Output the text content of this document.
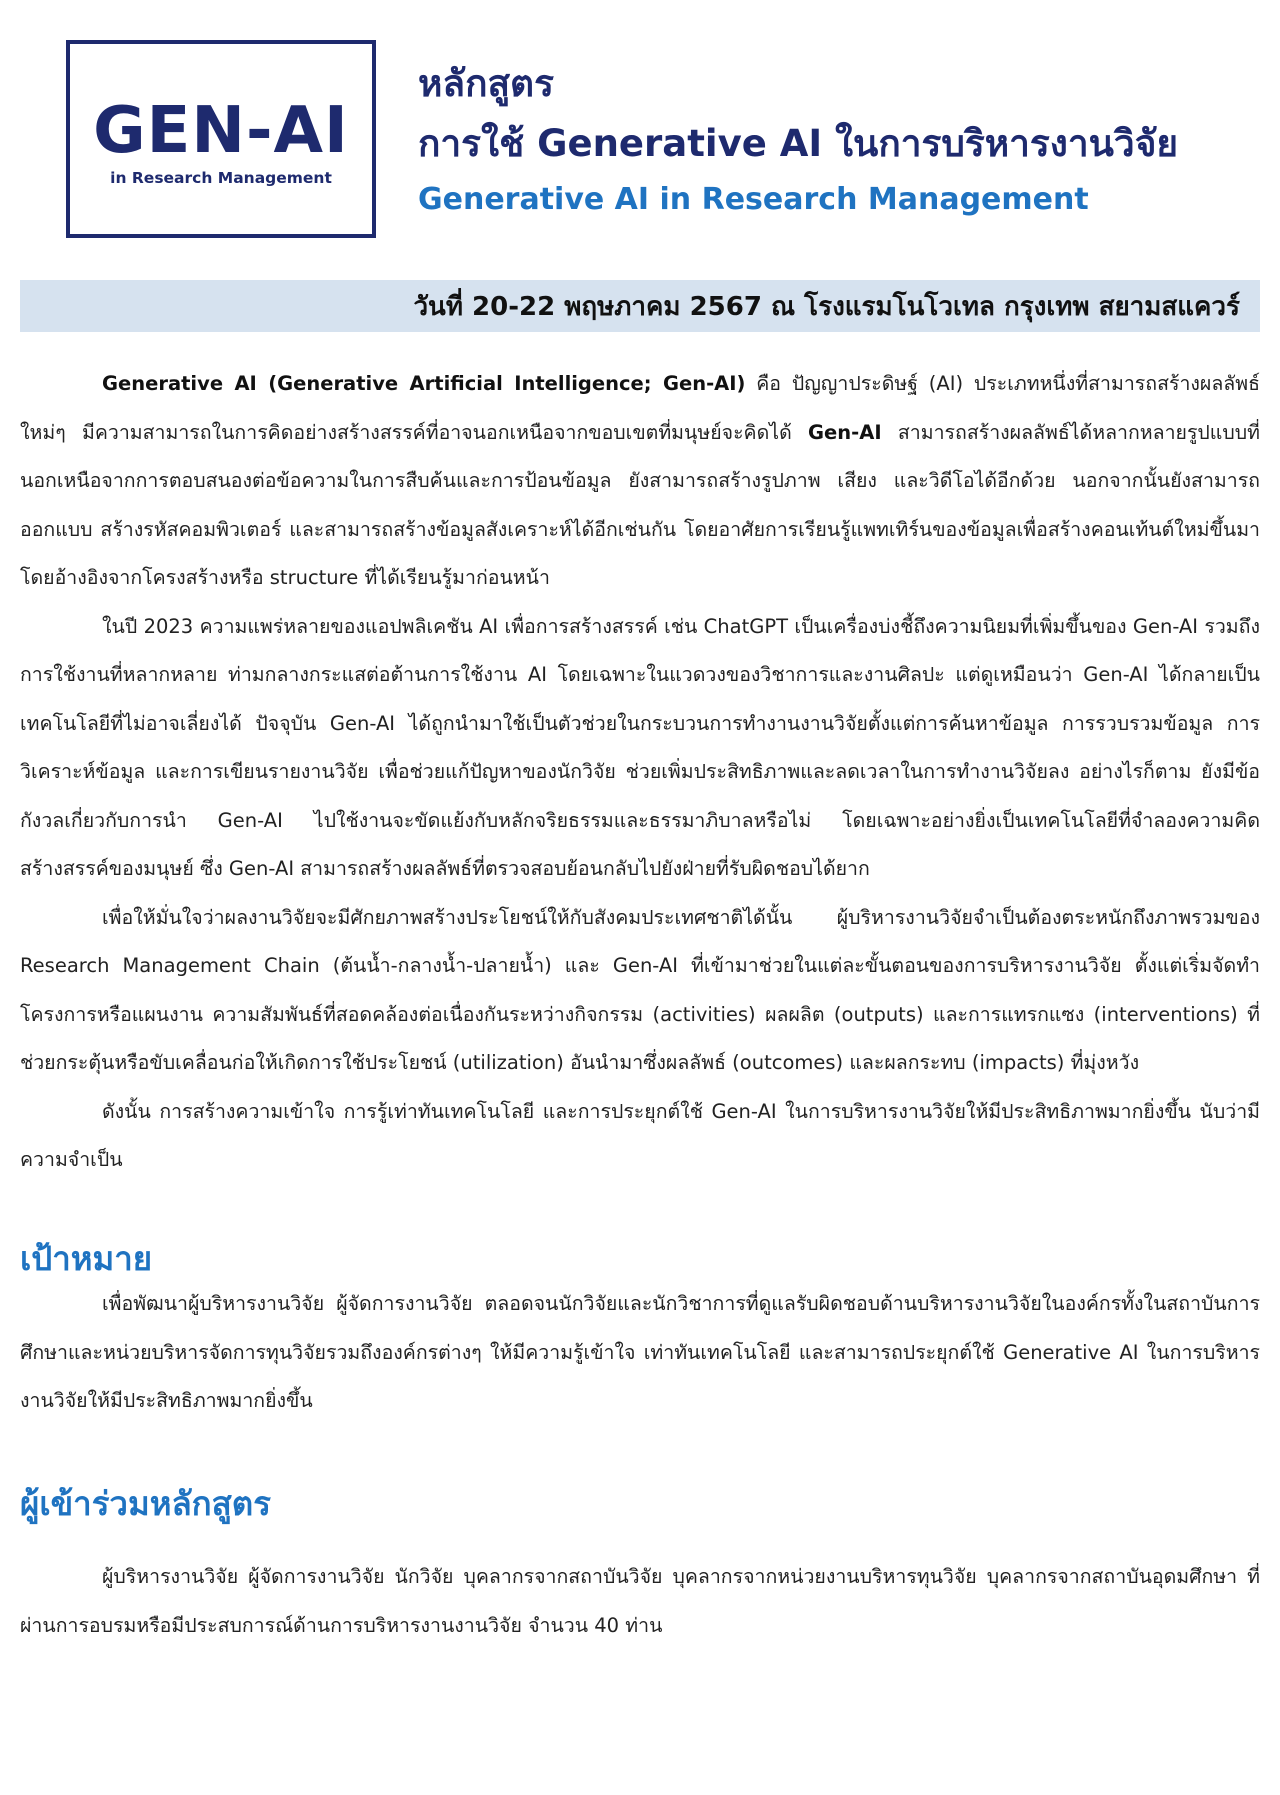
GEN-AI
in Research Management
หลักสูตร
การใช้ Generative AI ในการบริหารงานวิจัย
Generative AI in Research Management
วันที่ 20-22 พฤษภาคม 2567 ณ โรงแรมโนโวเทล กรุงเทพ สยามสแควร์

Generative AI (Generative Artificial Intelligence; Gen-AI) คือ ปัญญาประดิษฐ์ (AI) ประเภทหนึ่งที่สามารถสร้างผลลัพธ์ใหม่ๆ มีความสามารถในการคิดอย่างสร้างสรรค์ที่อาจนอกเหนือจากขอบเขตที่มนุษย์จะคิดได้ Gen-AI สามารถสร้างผลลัพธ์ได้หลากหลายรูปแบบที่นอกเหนือจากการตอบสนองต่อข้อความในการสืบค้นและการป้อนข้อมูล ยังสามารถสร้างรูปภาพ เสียง และวิดีโอได้อีกด้วย นอกจากนั้นยังสามารถออกแบบ สร้างรหัสคอมพิวเตอร์ และสามารถสร้างข้อมูลสังเคราะห์ได้อีกเช่นกัน โดยอาศัยการเรียนรู้แพทเทิร์นของข้อมูลเพื่อสร้างคอนเท้นต์ใหม่ขึ้นมา โดยอ้างอิงจากโครงสร้างหรือ structure ที่ได้เรียนรู้มาก่อนหน้า

ในปี 2023 ความแพร่หลายของแอปพลิเคชัน AI เพื่อการสร้างสรรค์ เช่น ChatGPT เป็นเครื่องบ่งชี้ถึงความนิยมที่เพิ่มขึ้นของ Gen-AI รวมถึงการใช้งานที่หลากหลาย ท่ามกลางกระแสต่อต้านการใช้งาน AI โดยเฉพาะในแวดวงของวิชาการและงานศิลปะ แต่ดูเหมือนว่า Gen-AI ได้กลายเป็นเทคโนโลยีที่ไม่อาจเลี่ยงได้ ปัจจุบัน Gen-AI ได้ถูกนำมาใช้เป็นตัวช่วยในกระบวนการทำงานงานวิจัยตั้งแต่การค้นหาข้อมูล การรวบรวมข้อมูล การวิเคราะห์ข้อมูล และการเขียนรายงานวิจัย เพื่อช่วยแก้ปัญหาของนักวิจัย ช่วยเพิ่มประสิทธิภาพและลดเวลาในการทำงานวิจัยลง อย่างไรก็ตาม ยังมีข้อกังวลเกี่ยวกับการนำ Gen-AI ไปใช้งานจะขัดแย้งกับหลักจริยธรรมและธรรมาภิบาลหรือไม่ โดยเฉพาะอย่างยิ่งเป็นเทคโนโลยีที่จำลองความคิดสร้างสรรค์ของมนุษย์ ซึ่ง Gen-AI สามารถสร้างผลลัพธ์ที่ตรวจสอบย้อนกลับไปยังฝ่ายที่รับผิดชอบได้ยาก

เพื่อให้มั่นใจว่าผลงานวิจัยจะมีศักยภาพสร้างประโยชน์ให้กับสังคมประเทศชาติได้นั้น ผู้บริหารงานวิจัยจำเป็นต้องตระหนักถึงภาพรวมของ Research Management Chain (ต้นน้ำ-กลางน้ำ-ปลายน้ำ) และ Gen-AI ที่เข้ามาช่วยในแต่ละขั้นตอนของการบริหารงานวิจัย ตั้งแต่เริ่มจัดทำโครงการหรือแผนงาน ความสัมพันธ์ที่สอดคล้องต่อเนื่องกันระหว่างกิจกรรม (activities) ผลผลิต (outputs) และการแทรกแซง (interventions) ที่ช่วยกระตุ้นหรือขับเคลื่อนก่อให้เกิดการใช้ประโยชน์ (utilization) อันนำมาซึ่งผลลัพธ์ (outcomes) และผลกระทบ (impacts) ที่มุ่งหวัง

ดังนั้น การสร้างความเข้าใจ การรู้เท่าทันเทคโนโลยี และการประยุกต์ใช้ Gen-AI ในการบริหารงานวิจัยให้มีประสิทธิภาพมากยิ่งขึ้น นับว่ามีความจำเป็น

เป้าหมาย

เพื่อพัฒนาผู้บริหารงานวิจัย ผู้จัดการงานวิจัย ตลอดจนนักวิจัยและนักวิชาการที่ดูแลรับผิดชอบด้านบริหารงานวิจัยในองค์กรทั้งในสถาบันการศึกษาและหน่วยบริหารจัดการทุนวิจัยรวมถึงองค์กรต่างๆ ให้มีความรู้เข้าใจ เท่าทันเทคโนโลยี และสามารถประยุกต์ใช้ Generative AI ในการบริหารงานวิจัยให้มีประสิทธิภาพมากยิ่งขึ้น

ผู้เข้าร่วมหลักสูตร

ผู้บริหารงานวิจัย ผู้จัดการงานวิจัย นักวิจัย บุคลากรจากสถาบันวิจัย บุคลากรจากหน่วยงานบริหารทุนวิจัย บุคลากรจากสถาบันอุดมศึกษา ที่ผ่านการอบรมหรือมีประสบการณ์ด้านการบริหารงานงานวิจัย จำนวน 40 ท่าน
